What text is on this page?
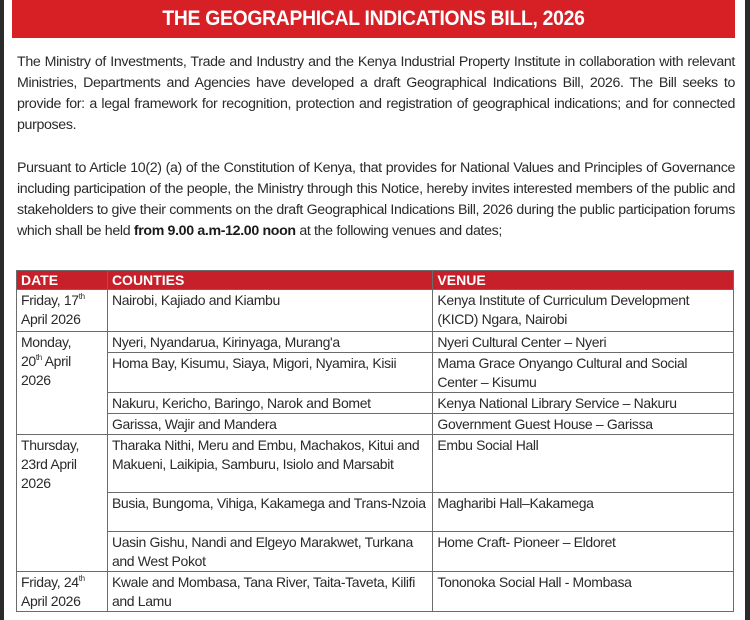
THE GEOGRAPHICAL INDICATIONS BILL, 2026

The Ministry of Investments, Trade and Industry and the Kenya Industrial Property Institute in collaboration with relevant Ministries, Departments and Agencies have developed a draft Geographical Indications Bill, 2026. The Bill seeks to provide for: a legal framework for recognition, protection and registration of geographical indications; and for connected purposes.

Pursuant to Article 10(2) (a) of the Constitution of Kenya, that provides for National Values and Principles of Governance including participation of the people, the Ministry through this Notice, hereby invites interested members of the public and stakeholders to give their comments on the draft Geographical Indications Bill, 2026 during the public participation forums which shall be held from 9.00 a.m-12.00 noon at the following venues and dates;

DATE	COUNTIES	VENUE
Friday, 17th
April 2026	Nairobi, Kajiado and Kiambu	Kenya Institute of Curriculum Development (KICD) Ngara, Nairobi
Monday,
20th April
2026	Nyeri, Nyandarua, Kirinyaga, Murang'a	Nyeri Cultural Center – Nyeri
	Homa Bay, Kisumu, Siaya, Migori, Nyamira, Kisii	Mama Grace Onyango Cultural and Social Center – Kisumu
	Nakuru, Kericho, Baringo, Narok and Bomet	Kenya National Library Service – Nakuru
	Garissa, Wajir and Mandera	Government Guest House – Garissa
Thursday, 23rd April 2026	Tharaka Nithi, Meru and Embu, Machakos, Kitui and Makueni, Laikipia, Samburu, Isiolo and Marsabit	Embu Social Hall
	Busia, Bungoma, Vihiga, Kakamega and Trans-Nzoia	Magharibi Hall–Kakamega
	Uasin Gishu, Nandi and Elgeyo Marakwet, Turkana and West Pokot	Home Craft- Pioneer – Eldoret
Friday, 24th
April 2026	Kwale and Mombasa, Tana River, Taita-Taveta, Kilifi and Lamu	Tononoka Social Hall - Mombasa
